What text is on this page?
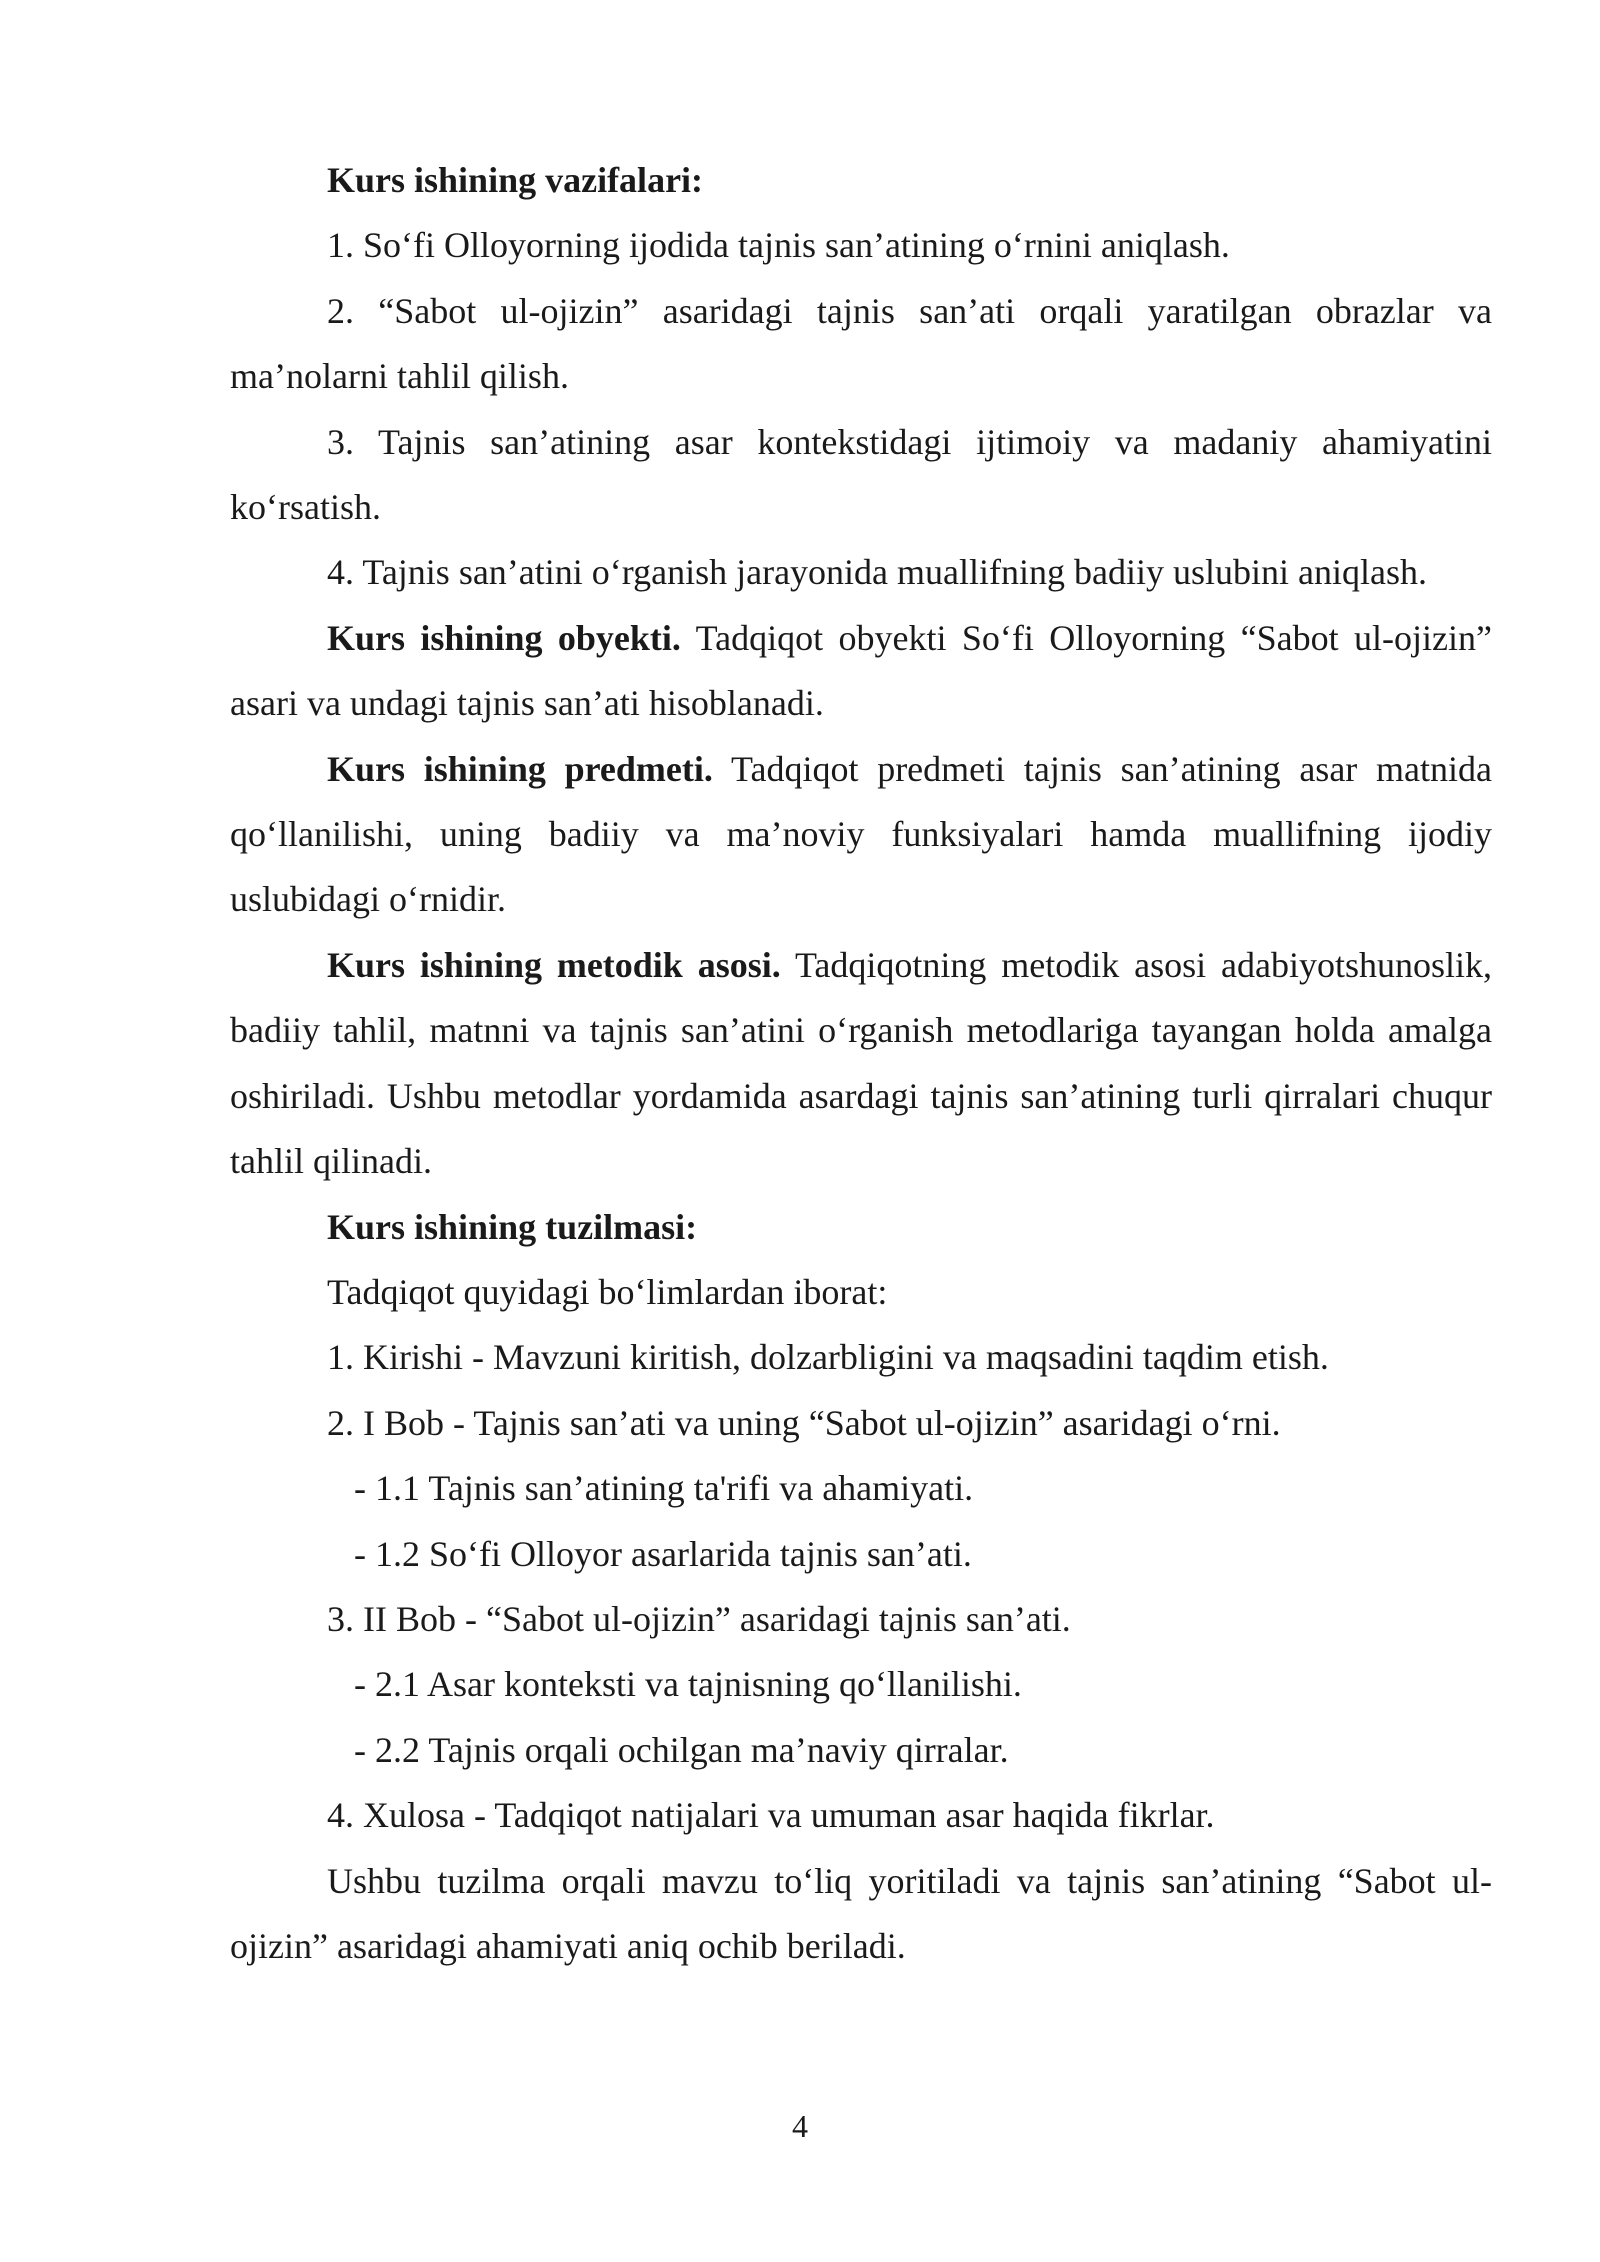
Kurs ishining vazifalari:

1. So‘fi Olloyorning ijodida tajnis san’atining o‘rnini aniqlash.

2. “Sabot ul-ojizin” asaridagi tajnis san’ati orqali yaratilgan obrazlar va ma’nolarni tahlil qilish.

3. Tajnis san’atining asar kontekstidagi ijtimoiy va madaniy ahamiyatini ko‘rsatish.

4. Tajnis san’atini o‘rganish jarayonida muallifning badiiy uslubini aniqlash.

Kurs ishining obyekti. Tadqiqot obyekti So‘fi Olloyorning “Sabot ul-ojizin” asari va undagi tajnis san’ati hisoblanadi.

Kurs ishining predmeti. Tadqiqot predmeti tajnis san’atining asar matnida qo‘llanilishi, uning badiiy va ma’noviy funksiyalari hamda muallifning ijodiy uslubidagi o‘rnidir.

Kurs ishining metodik asosi. Tadqiqotning metodik asosi adabiyotshunoslik, badiiy tahlil, matnni va tajnis san’atini o‘rganish metodlariga tayangan holda amalga oshiriladi. Ushbu metodlar yordamida asardagi tajnis san’atining turli qirralari chuqur tahlil qilinadi.

Kurs ishining tuzilmasi:

Tadqiqot quyidagi bo‘limlardan iborat:

1. Kirishi - Mavzuni kiritish, dolzarbligini va maqsadini taqdim etish.

2. I Bob - Tajnis san’ati va uning “Sabot ul-ojizin” asaridagi o‘rni.

- 1.1 Tajnis san’atining ta'rifi va ahamiyati.

- 1.2 So‘fi Olloyor asarlarida tajnis san’ati.

3. II Bob - “Sabot ul-ojizin” asaridagi tajnis san’ati.

- 2.1 Asar konteksti va tajnisning qo‘llanilishi.

- 2.2 Tajnis orqali ochilgan ma’naviy qirralar.

4. Xulosa - Tadqiqot natijalari va umuman asar haqida fikrlar.

Ushbu tuzilma orqali mavzu to‘liq yoritiladi va tajnis san’atining “Sabot ul-ojizin” asaridagi ahamiyati aniq ochib beriladi.

4
